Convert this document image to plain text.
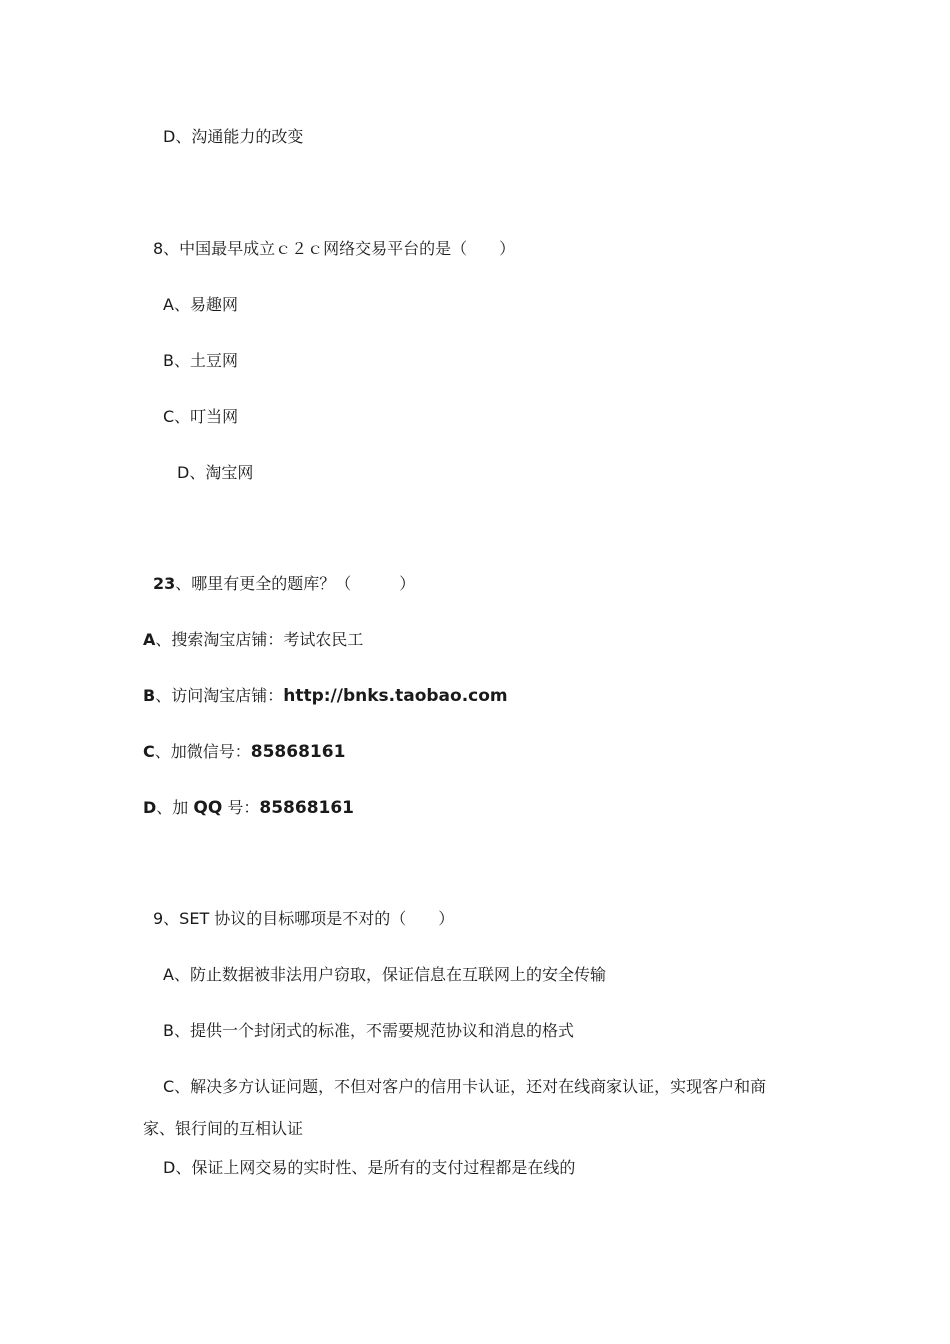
D、沟通能力的改变
8、中国最早成立ｃ２ｃ网络交易平台的是（　　）
A、易趣网
B、土豆网
C、叮当网
D、淘宝网
23、哪里有更全的题库？（　　　）
A、搜索淘宝店铺：考试农民工
B、访问淘宝店铺：http://bnks.taobao.com
C、加微信号：85868161
D、加 QQ 号：85868161
9、SET 协议的目标哪项是不对的（　　）
A、防止数据被非法用户窃取，保证信息在互联网上的安全传输
B、提供一个封闭式的标准，不需要规范协议和消息的格式
C、解决多方认证问题，不但对客户的信用卡认证，还对在线商家认证，实现客户和商
家、银行间的互相认证
D、保证上网交易的实时性、是所有的支付过程都是在线的
